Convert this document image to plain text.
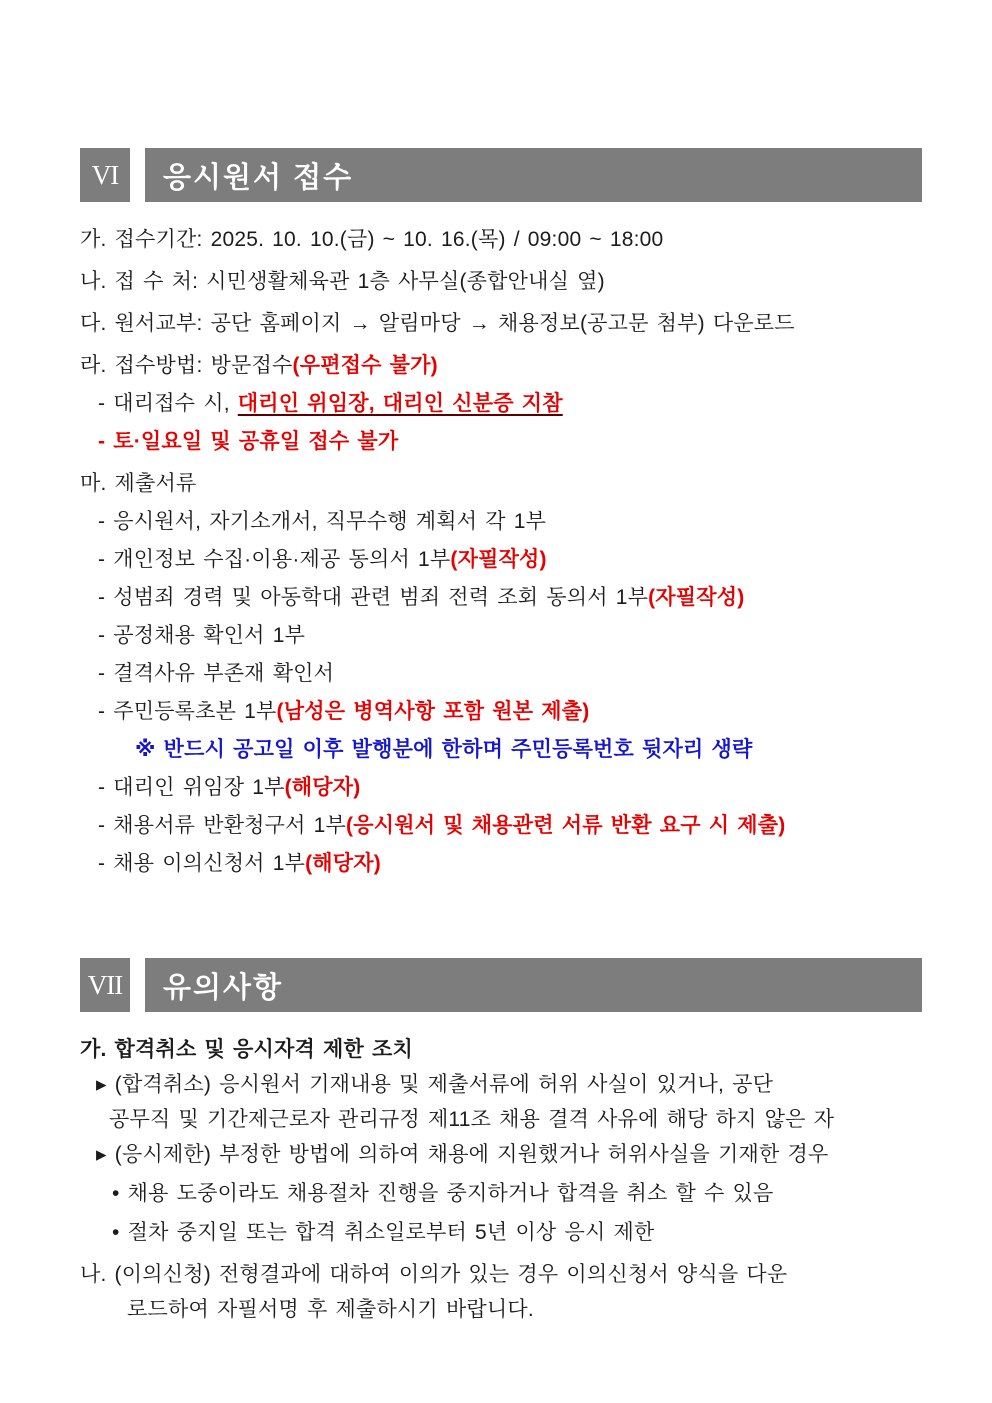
VI 응시원서 접수
가. 접수기간: 2025. 10. 10.(금) ~ 10. 16.(목) / 09:00 ~ 18:00
나. 접 수 처: 시민생활체육관 1층 사무실(종합안내실 옆)
다. 원서교부: 공단 홈페이지 → 알림마당 → 채용정보(공고문 첨부) 다운로드
라. 접수방법: 방문접수(우편접수 불가)
- 대리접수 시, 대리인 위임장, 대리인 신분증 지참
- 토·일요일 및 공휴일 접수 불가
마. 제출서류
- 응시원서, 자기소개서, 직무수행 계획서 각 1부
- 개인정보 수집·이용·제공 동의서 1부(자필작성)
- 성범죄 경력 및 아동학대 관련 범죄 전력 조회 동의서 1부(자필작성)
- 공정채용 확인서 1부
- 결격사유 부존재 확인서
- 주민등록초본 1부(남성은 병역사항 포함 원본 제출)
※ 반드시 공고일 이후 발행분에 한하며 주민등록번호 뒷자리 생략
- 대리인 위임장 1부(해당자)
- 채용서류 반환청구서 1부(응시원서 및 채용관련 서류 반환 요구 시 제출)
- 채용 이의신청서 1부(해당자)
VII 유의사항
가. 합격취소 및 응시자격 제한 조치
▸ (합격취소) 응시원서 기재내용 및 제출서류에 허위 사실이 있거나, 공단
공무직 및 기간제근로자 관리규정 제11조 채용 결격 사유에 해당 하지 않은 자
▸ (응시제한) 부정한 방법에 의하여 채용에 지원했거나 허위사실을 기재한 경우
• 채용 도중이라도 채용절차 진행을 중지하거나 합격을 취소 할 수 있음
• 절차 중지일 또는 합격 취소일로부터 5년 이상 응시 제한
나. (이의신청) 전형결과에 대하여 이의가 있는 경우 이의신청서 양식을 다운
로드하여 자필서명 후 제출하시기 바랍니다.
